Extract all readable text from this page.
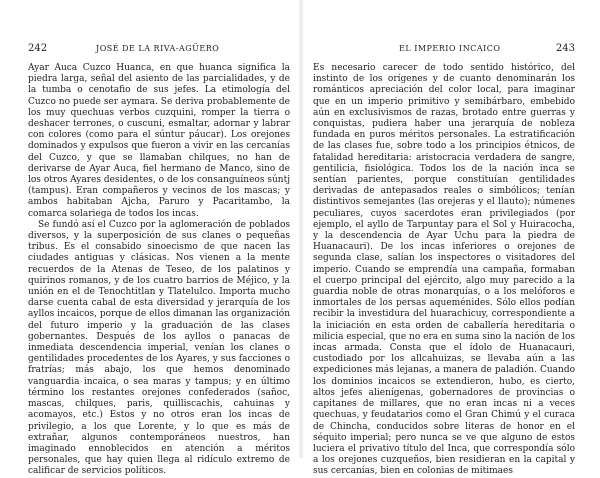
242	JOSÉ DE LA RIVA-AGÜERO

Ayar Auca Cuzco Huanca, en que huanca significa la piedra larga, señal del asiento de las parcialidades, y de la tumba o cenotafio de sus jefes. La etimología del Cuzco no puede ser aymara. Se deriva probablemente de los muy quechuas verbos cuzquini, romper la tierra o deshacer terrones, o cuscuni, esmaltar, adornar y labrar con colores (como para el súntur páucar). Los orejones dominados y expulsos que fueron a vivir en las cercanías del Cuzco, y que se llamaban chilques, no han de derivarse de Ayar Auca, fiel hermano de Manco, sino de los otros Ayares desidentes, o de los consanguíneos súntj (tampus). Eran compañeros y vecinos de los mascas; y ambos habitaban Ajcha, Paruro y Pacaritambo, la comarca solariega de todos los incas.

Se fundó así el Cuzco por la aglomeración de poblados diversos, y la superposición de sus clanes o pequeñas tribus. Es el consabido sinoecismo de que nacen las ciudades antiguas y clásicas. Nos vienen a la mente recuerdos de la Atenas de Teseo, de los palatinos y quirinos romanos, y de los cuatro barrios de Méjico, y la unión en el de Tenochtitlan y Tlatelulco. Importa mucho darse cuenta cabal de esta diversidad y jerarquía de los ayllos incaicos, porque de ellos dimanan las organización del futuro imperio y la graduación de las clases gobernantes. Después de los ayllos o panacas de inmediata descendencia imperial, venían los clanes o gentilidades procedentes de los Ayares, y sus facciones o fratrías; más abajo, los que hemos denominado vanguardia incaica, o sea maras y tampus; y en último término los restantes orejones confederados (sañoc, mascas, chilques, paris, quilliscachis, cahuinas y acomayos, etc.) Estos y no otros eran los incas de privilegio, a los que Lorente, y lo que es más de extrañar, algunos contemporáneos nuestros, han imaginado ennoblecidos en atención a méritos personales, que hay quien llega al ridículo extremo de calificar de servicios políticos.

EL IMPERIO INCAICO	243

Es necesario carecer de todo sentido histórico, del instinto de los orígenes y de cuanto denominarán los románticos apreciación del color local, para imaginar que en un imperio primitivo y semibárbaro, embebido aún en exclusivismos de razas, brotado entre guerras y conquistas, pudiera haber una jerarquía de nobleza fundada en puros méritos personales. La estratificación de las clases fue, sobre todo a los principios étnicos, de fatalidad hereditaria: aristocracia verdadera de sangre, gentilicia, fisiológica. Todos los de la nación inca se sentían parientes, porque constituían gentilidades derivadas de antepasados reales o simbólicos; tenían distintivos semejantes (las orejeras y el llauto); númenes peculiares, cuyos sacerdotes eran privilegiados (por ejemplo, el ayllo de Tarpuntay para el Sol y Huiracocha, y la descendencia de Ayar Uchu para la piedra de Huanacauri). De los incas inferiores o orejones de segunda clase, salían los inspectores o visitadores del imperio. Cuando se emprendía una campaña, formaban el cuerpo principal del ejército, algo muy parecido a la guardia noble de otras monarquías, o a los melóforos e inmortales de los persas aqueménides. Sólo ellos podían recibir la investidura del huarachicuy, correspondiente a la iniciación en esta orden de caballería hereditaria o milicia especial, que no era en suma sino la nación de los incas armada. Consta que el ídolo de Huanacauri, custodiado por los allcahuizas, se llevaba aún a las expediciones más lejanas, a manera de paladión. Cuando los dominios incaicos se extendieron, hubo, es cierto, altos jefes alienígenas, gobernadores de provincias o capitanes de millares, que no eran incas ni a veces quechuas, y feudatarios como el Gran Chimú y el curaca de Chincha, conducidos sobre literas de honor en el séquito imperial; pero nunca se ve que alguno de estos luciera el privativo título del Inca, que correspondía sólo a los orejones cuzqueños, bien residieran en la capital y sus cercanías, bien en colonias de mitimaes
